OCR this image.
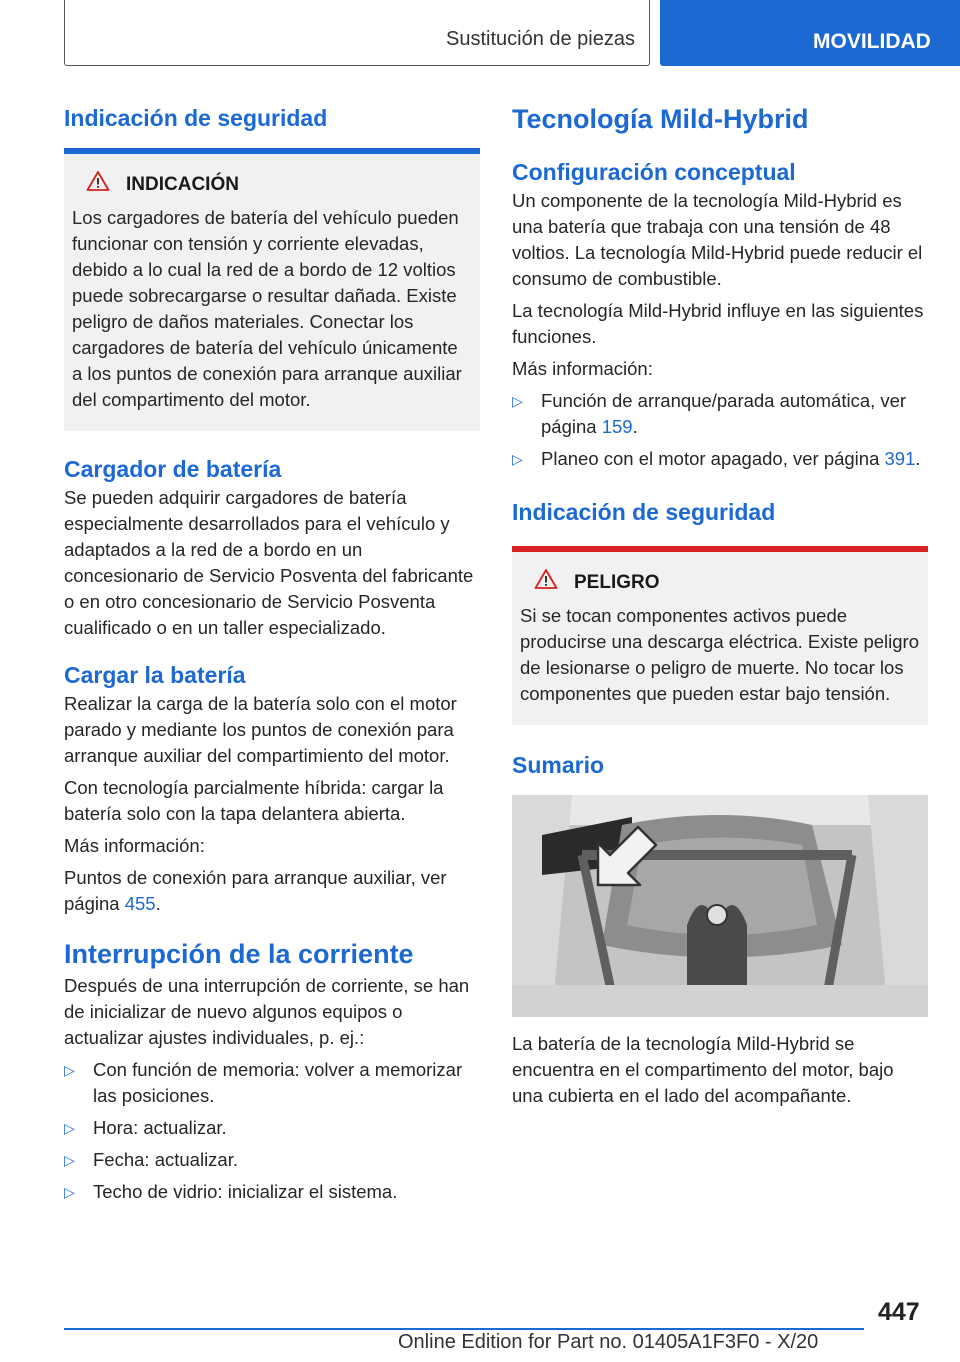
Sustitución de piezas	MOVILIDAD
Indicación de seguridad
INDICACIÓN

Los cargadores de batería del vehículo pueden funcionar con tensión y corriente elevadas, debido a lo cual la red de a bordo de 12 voltios puede sobrecargarse o resultar dañada. Existe peligro de daños materiales. Conectar los cargadores de batería del vehículo únicamente a los puntos de conexión para arranque auxiliar del compartimento del motor.

Cargador de batería

Se pueden adquirir cargadores de batería especialmente desarrollados para el vehículo y adaptados a la red de a bordo en un concesionario de Servicio Posventa del fabricante o en otro concesionario de Servicio Posventa cualificado o en un taller especializado.

Cargar la batería

Realizar la carga de la batería solo con el motor parado y mediante los puntos de conexión para arranque auxiliar del compartimiento del motor.

Con tecnología parcialmente híbrida: cargar la batería solo con la tapa delantera abierta.

Más información:

Puntos de conexión para arranque auxiliar, ver página 455.

Interrupción de la corriente

Después de una interrupción de corriente, se han de inicializar de nuevo algunos equipos o actualizar ajustes individuales, p. ej.:

▷ Con función de memoria: volver a memorizar las posiciones.
▷ Hora: actualizar.
▷ Fecha: actualizar.
▷ Techo de vidrio: inicializar el sistema.
Tecnología Mild-Hybrid
Configuración conceptual

Un componente de la tecnología Mild-Hybrid es una batería que trabaja con una tensión de 48 voltios. La tecnología Mild-Hybrid puede reducir el consumo de combustible.

La tecnología Mild-Hybrid influye en las siguientes funciones.

Más información:

▷ Función de arranque/parada automática, ver página 159.
▷ Planeo con el motor apagado, ver página 391.
Indicación de seguridad
PELIGRO

Si se tocan componentes activos puede producirse una descarga eléctrica. Existe peligro de lesionarse o peligro de muerte. No tocar los componentes que pueden estar bajo tensión.

Sumario

La batería de la tecnología Mild-Hybrid se encuentra en el compartimento del motor, bajo una cubierta en el lado del acompañante.

447
Online Edition for Part no. 01405A1F3F0 - X/20
